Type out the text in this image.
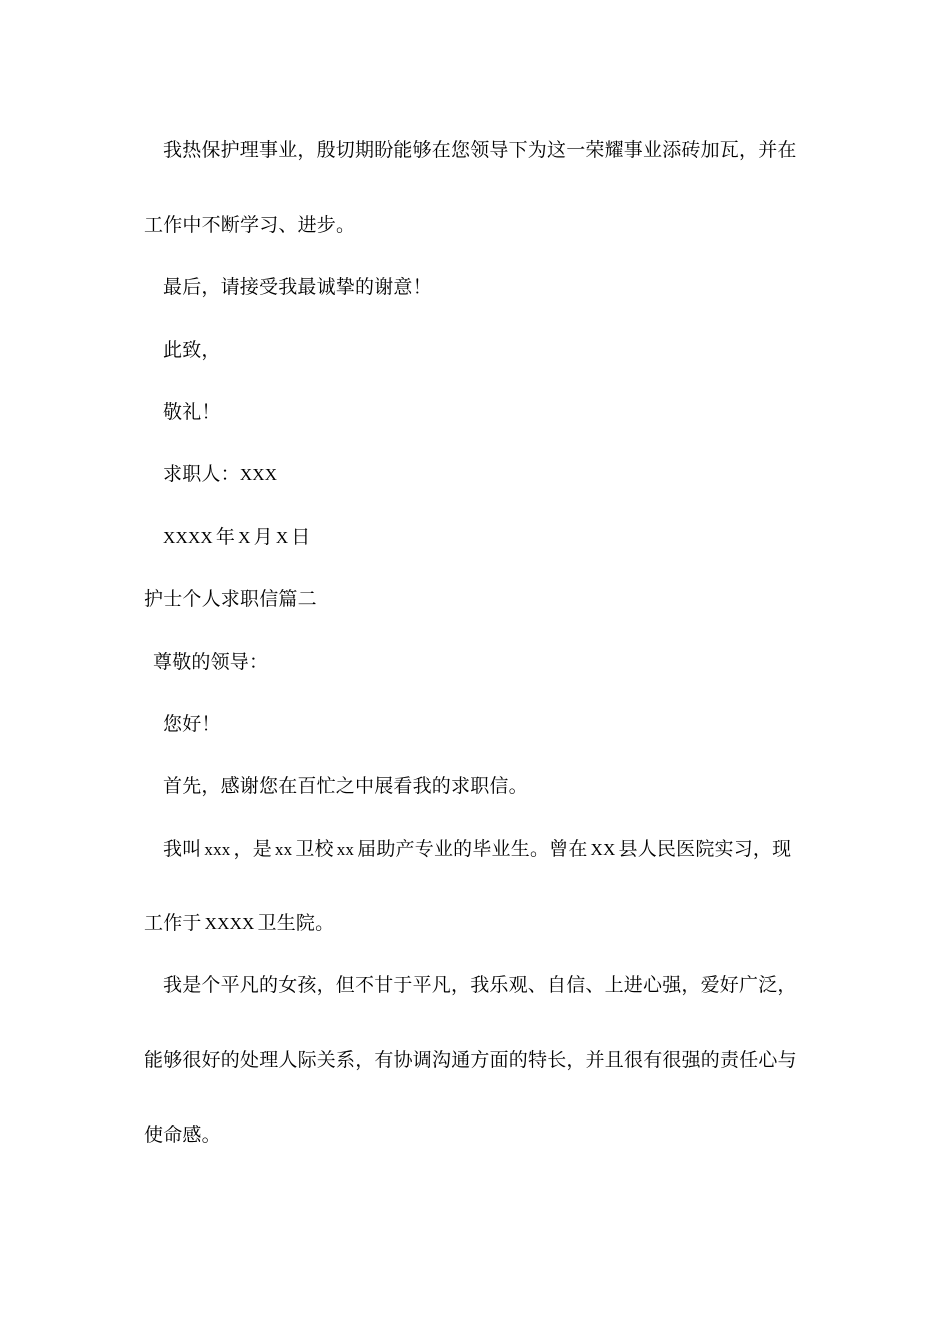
我热保护理事业，殷切期盼能够在您领导下为这一荣耀事业添砖加瓦，并在
工作中不断学习、进步。
最后，请接受我最诚挚的谢意！
此致，
敬礼！
求职人：XXX
XXXX 年 X 月 X 日
护士个人求职信篇二
尊敬的领导：
您好！
首先，感谢您在百忙之中展看我的求职信。
我叫 xxx ，是 xx 卫校 xx 届助产专业的毕业生。曾在 XX 县人民医院实习，现
工作于 XXXX 卫生院。
我是个平凡的女孩，但不甘于平凡，我乐观、自信、上进心强，爱好广泛，
能够很好的处理人际关系，有协调沟通方面的特长，并且很有很强的责任心与
使命感。
